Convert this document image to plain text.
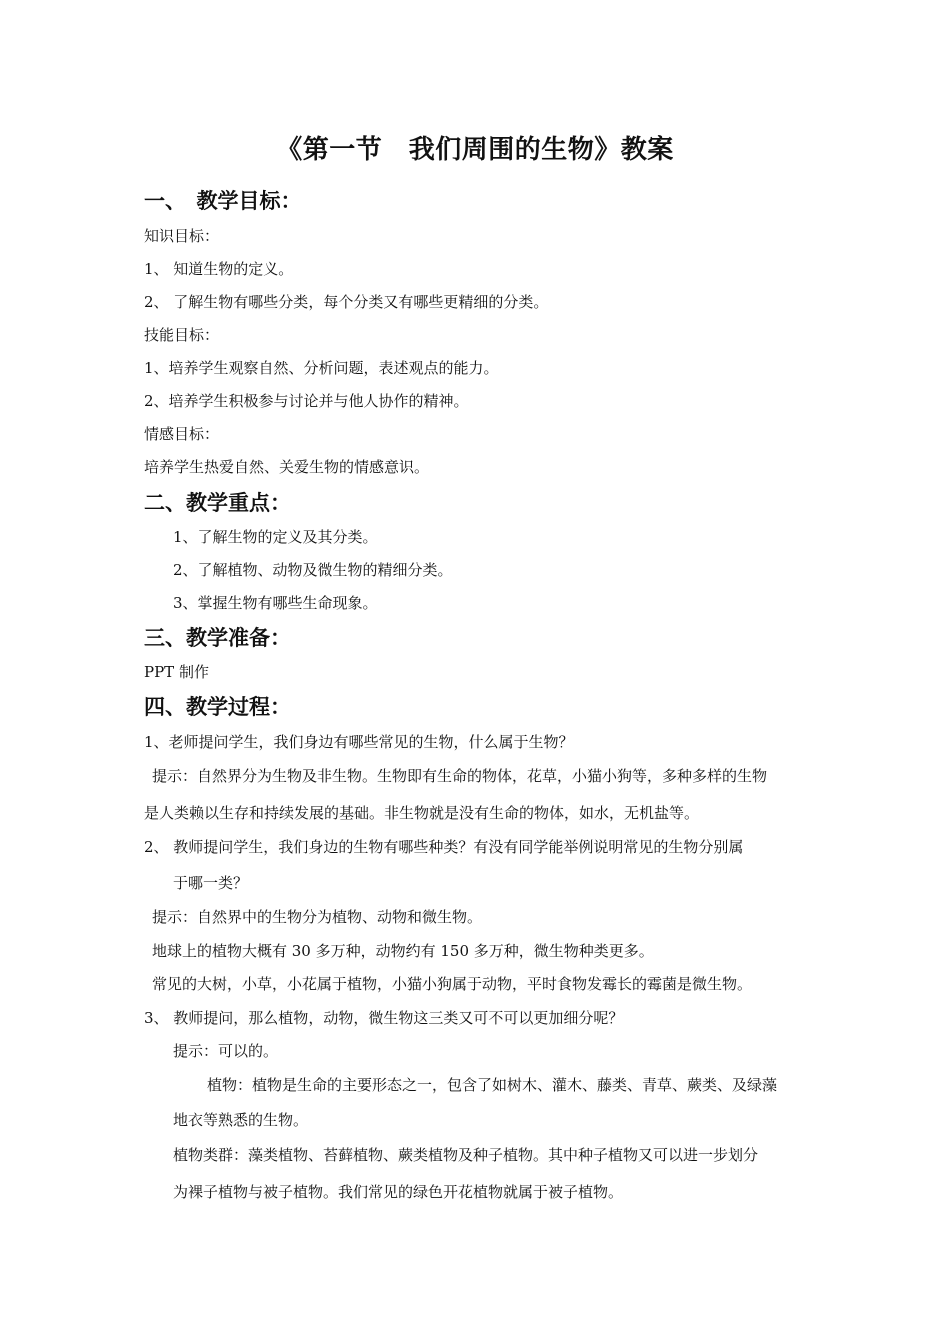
《第一节　我们周围的生物》教案
一、　教学目标：
知识目标：
1、 知道生物的定义。
2、 了解生物有哪些分类，每个分类又有哪些更精细的分类。
技能目标：
1、培养学生观察自然、分析问题，表述观点的能力。
2、培养学生积极参与讨论并与他人协作的精神。
情感目标：
培养学生热爱自然、关爱生物的情感意识。
二、教学重点：
1、了解生物的定义及其分类。
2、了解植物、动物及微生物的精细分类。
3、掌握生物有哪些生命现象。
三、教学准备：
PPT 制作
四、教学过程：
1、老师提问学生，我们身边有哪些常见的生物，什么属于生物？
提示：自然界分为生物及非生物。生物即有生命的物体，花草，小猫小狗等，多种多样的生物
是人类赖以生存和持续发展的基础。非生物就是没有生命的物体，如水，无机盐等。
2、 教师提问学生，我们身边的生物有哪些种类？有没有同学能举例说明常见的生物分别属
于哪一类？
提示：自然界中的生物分为植物、动物和微生物。
地球上的植物大概有 30 多万种，动物约有 150 多万种，微生物种类更多。
常见的大树，小草，小花属于植物，小猫小狗属于动物，平时食物发霉长的霉菌是微生物。
3、 教师提问，那么植物，动物，微生物这三类又可不可以更加细分呢？
提示：可以的。
植物：植物是生命的主要形态之一，包含了如树木、灌木、藤类、青草、蕨类、及绿藻
地衣等熟悉的生物。
植物类群：藻类植物、苔藓植物、蕨类植物及种子植物。其中种子植物又可以进一步划分
为裸子植物与被子植物。我们常见的绿色开花植物就属于被子植物。
